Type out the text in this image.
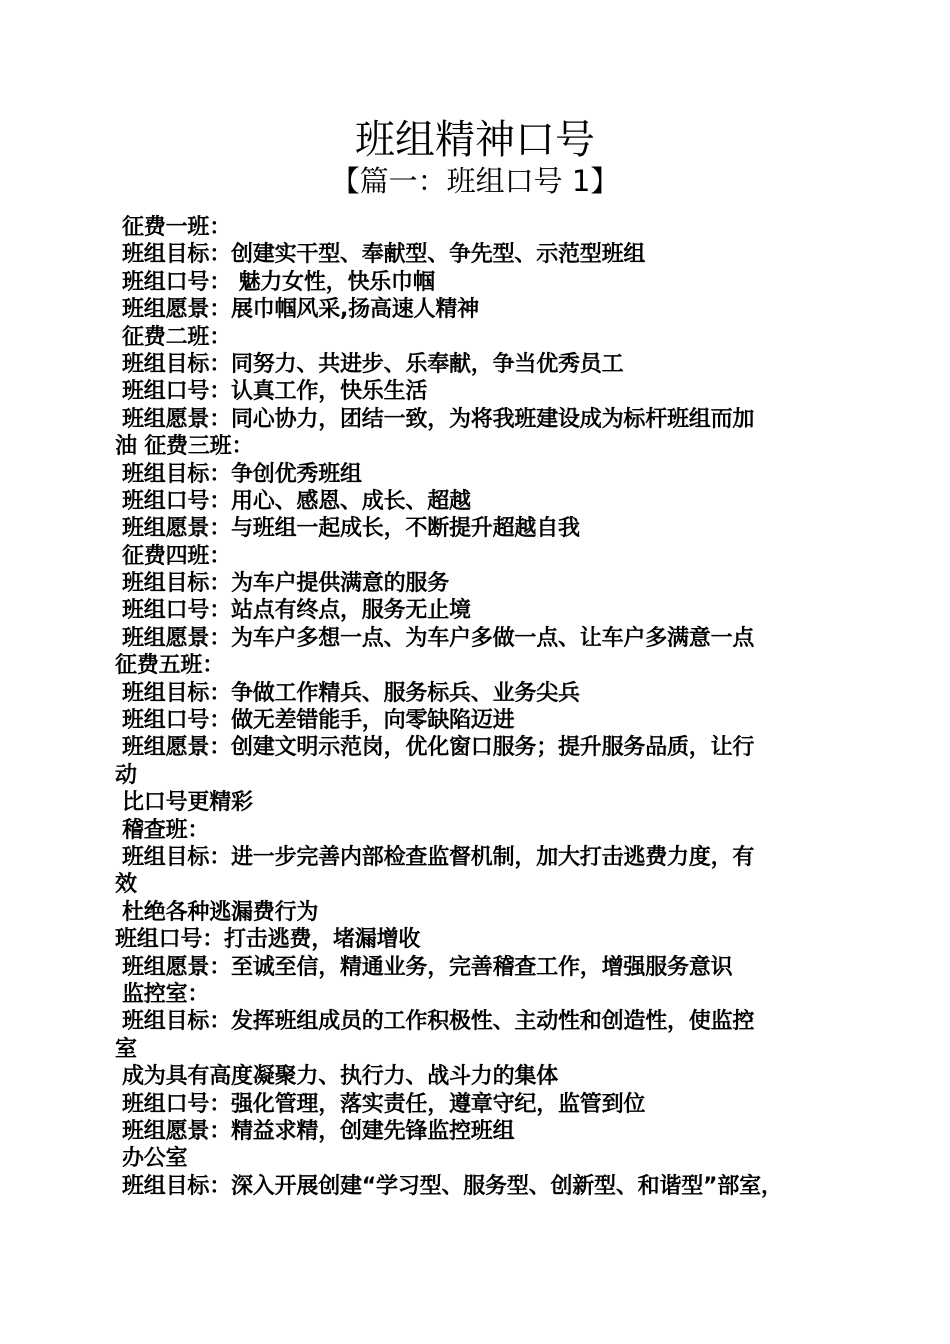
班组精神口号
【篇一：班组口号 1】
征费一班：
班组目标：创建实干型、奉献型、争先型、示范型班组
班组口号： 魅力女性，快乐巾帼
班组愿景：展巾帼风采,扬高速人精神
征费二班：
班组目标：同努力、共进步、乐奉献，争当优秀员工
班组口号：认真工作，快乐生活
班组愿景：同心协力，团结一致，为将我班建设成为标杆班组而加
油 征费三班：
班组目标：争创优秀班组
班组口号：用心、感恩、成长、超越
班组愿景：与班组一起成长，不断提升超越自我
征费四班：
班组目标：为车户提供满意的服务
班组口号：站点有终点，服务无止境
班组愿景：为车户多想一点、为车户多做一点、让车户多满意一点
征费五班：
班组目标：争做工作精兵、服务标兵、业务尖兵
班组口号：做无差错能手，向零缺陷迈进
班组愿景：创建文明示范岗，优化窗口服务；提升服务品质，让行
动
比口号更精彩
稽查班：
班组目标：进一步完善内部检查监督机制，加大打击逃费力度，有
效
杜绝各种逃漏费行为
班组口号：打击逃费，堵漏增收
班组愿景：至诚至信，精通业务，完善稽查工作，增强服务意识
监控室：
班组目标：发挥班组成员的工作积极性、主动性和创造性，使监控
室
成为具有高度凝聚力、执行力、战斗力的集体
班组口号：强化管理，落实责任，遵章守纪，监管到位
班组愿景：精益求精，创建先锋监控班组
办公室
班组目标：深入开展创建“学习型、服务型、创新型、和谐型”部室，
